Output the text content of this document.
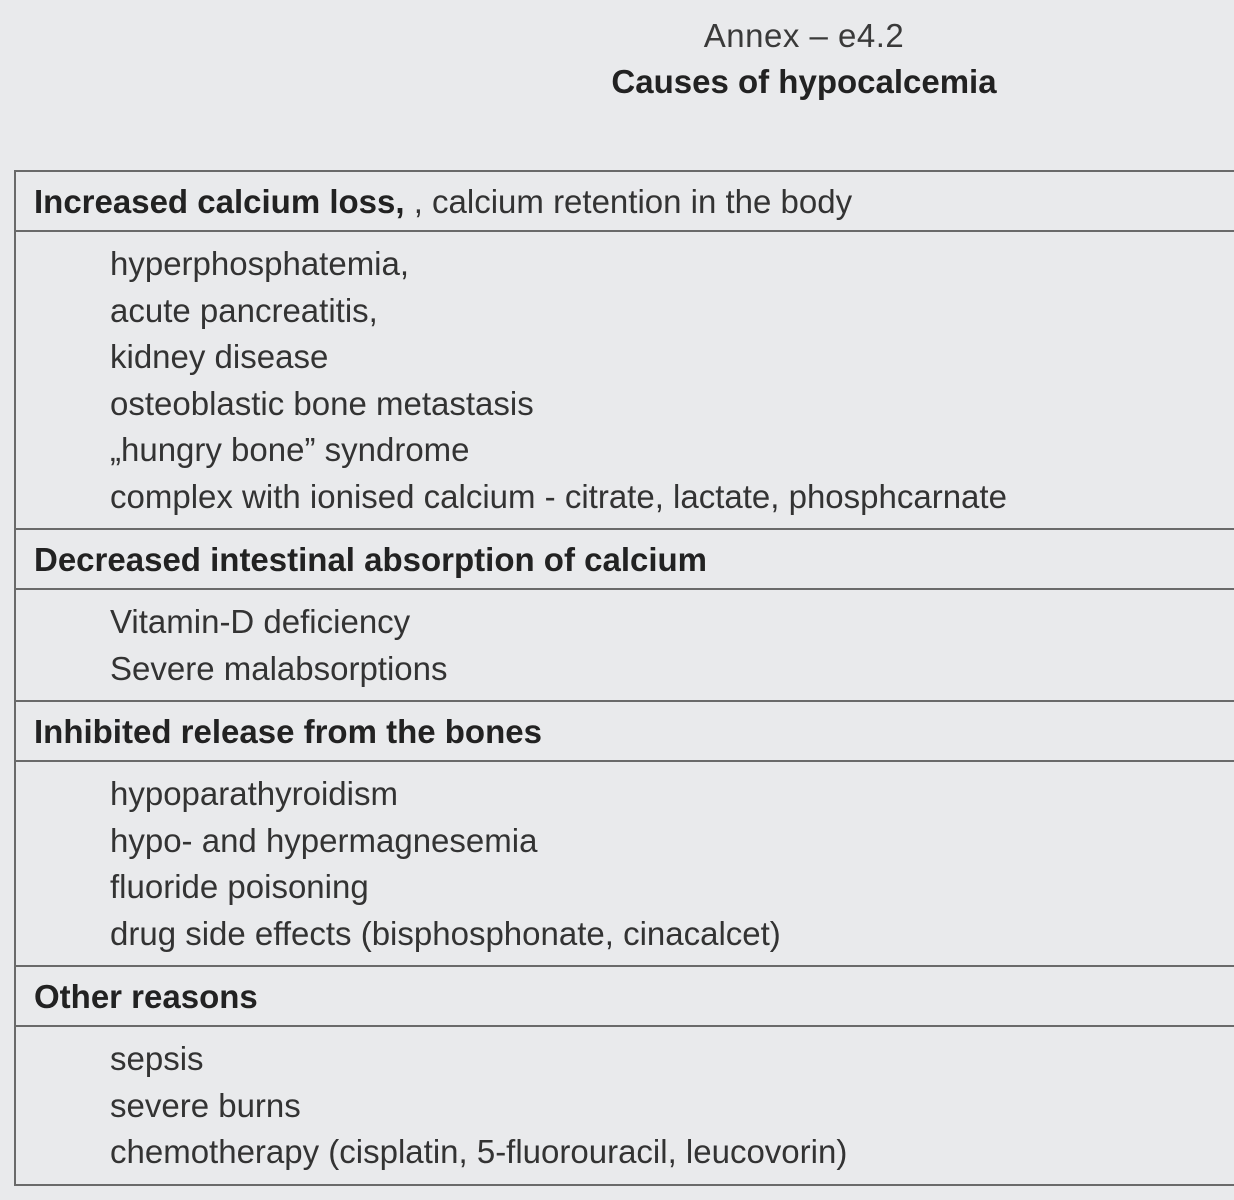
Annex – e4.2
Causes of hypocalcemia
Increased calcium loss, , calcium retention in the body
hyperphosphatemia,
acute pancreatitis,
kidney disease
osteoblastic bone metastasis
„hungry bone” syndrome
complex with ionised calcium - citrate, lactate, phosphcarnate
Decreased intestinal absorption of calcium
Vitamin-D deficiency
Severe malabsorptions
Inhibited release from the bones
hypoparathyroidism
hypo- and hypermagnesemia
fluoride poisoning
drug side effects (bisphosphonate, cinacalcet)
Other reasons
sepsis
severe burns
chemotherapy (cisplatin, 5-fluorouracil, leucovorin)
